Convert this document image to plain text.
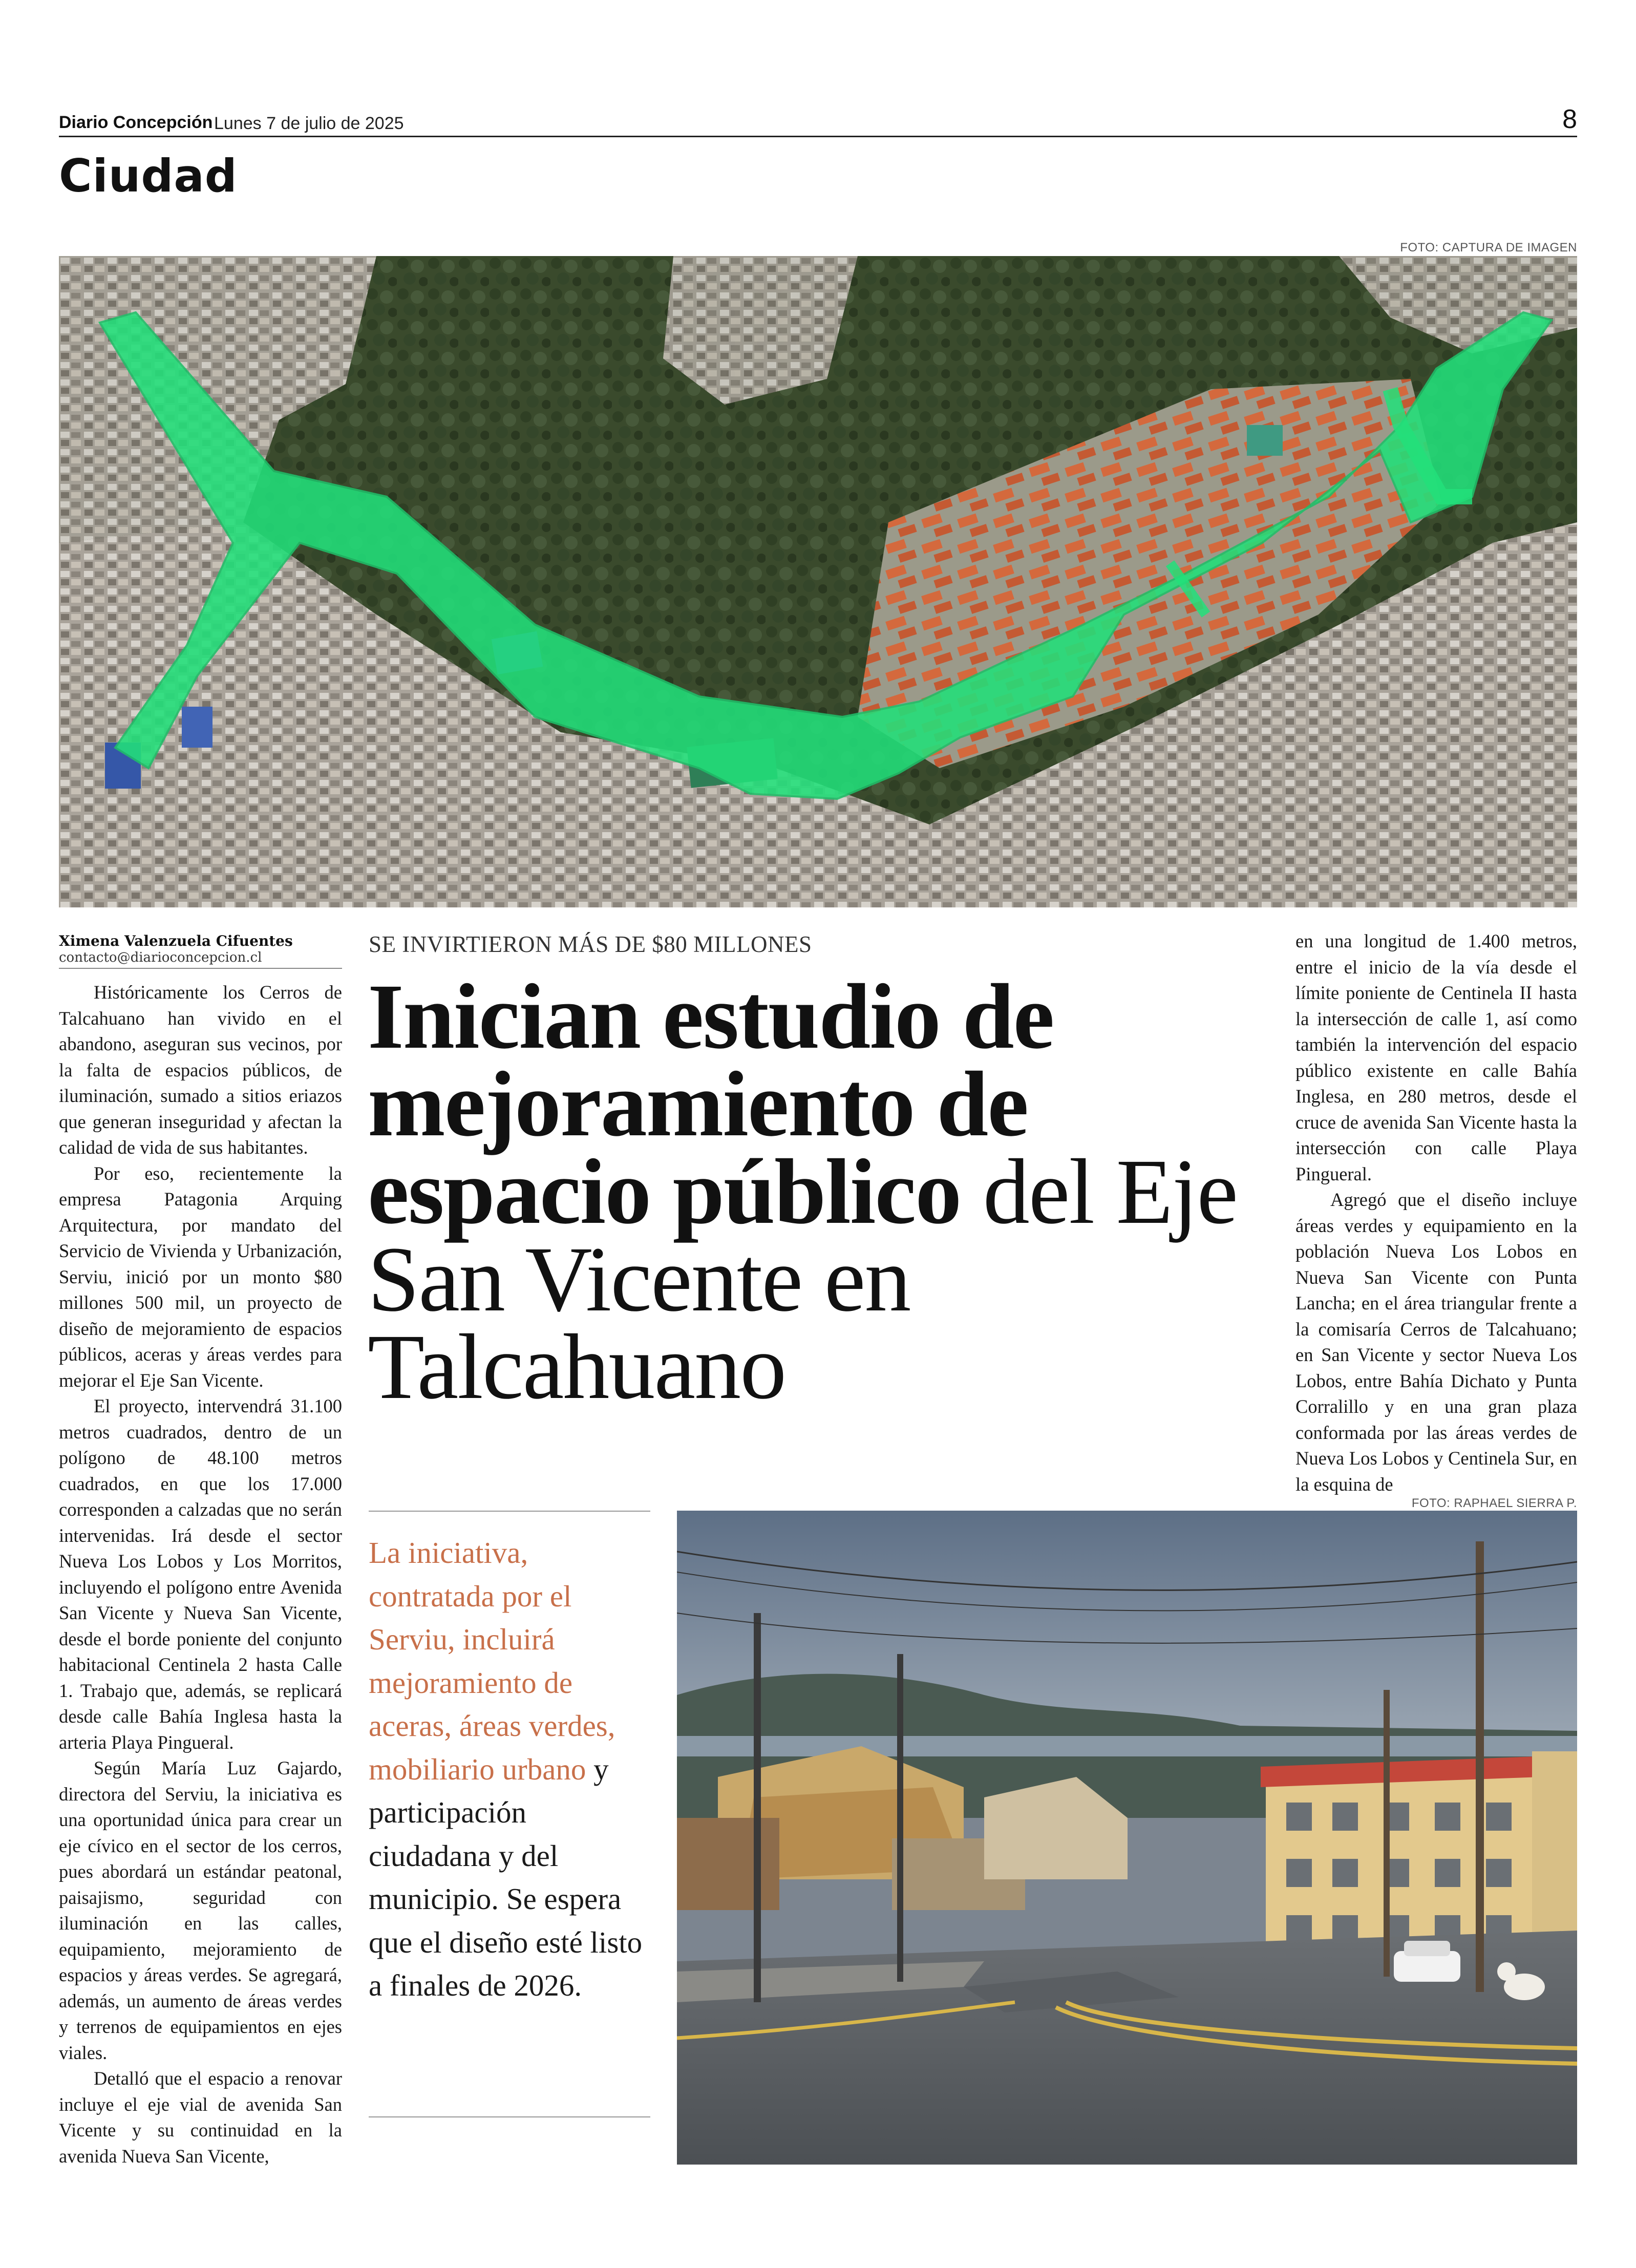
Diario Concepción Lunes 7 de julio de 2025	8
Ciudad
FOTO: CAPTURA DE IMAGEN
Ximena Valenzuela Cifuentes
contacto@diarioconcepcion.cl

Históricamente los Cerros de Talcahuano han vivido en el abandono, aseguran sus vecinos, por la falta de espacios públicos, de iluminación, sumado a sitios eriazos que generan inseguridad y afectan la calidad de vida de sus habitantes.

Por eso, recientemente la empresa Patagonia Arquing Arquitectura, por mandato del Servicio de Vivienda y Urbanización, Serviu, inició por un monto $80 millones 500 mil, un proyecto de diseño de mejoramiento de espacios públicos, aceras y áreas verdes para mejorar el Eje San Vicente.

El proyecto, intervendrá 31.100 metros cuadrados, dentro de un polígono de 48.100 metros cuadrados, en que los 17.000 corresponden a calzadas que no serán intervenidas. Irá desde el sector Nueva Los Lobos y Los Morritos, incluyendo el polígono entre Avenida San Vicente y Nueva San Vicente, desde el borde poniente del conjunto habitacional Centinela 2 hasta Calle 1. Trabajo que, además, se replicará desde calle Bahía Inglesa hasta la arteria Playa Pingueral.

Según María Luz Gajardo, directora del Serviu, la iniciativa es una oportunidad única para crear un eje cívico en el sector de los cerros, pues abordará un estándar peatonal, paisajismo, seguridad con iluminación en las calles, equipamiento, mejoramiento de espacios y áreas verdes. Se agregará, además, un aumento de áreas verdes y terrenos de equipamientos en ejes viales.

Detalló que el espacio a renovar incluye el eje vial de avenida San Vicente y su continuidad en la avenida Nueva San Vicente,

SE INVIRTIERON MÁS DE $80 MILLONES
Inician estudio de mejoramiento de espacio público del Eje San Vicente en Talcahuano

en una longitud de 1.400 metros, entre el inicio de la vía desde el límite poniente de Centinela II hasta la intersección de calle 1, así como también la intervención del espacio público existente en calle Bahía Inglesa, en 280 metros, desde el cruce de avenida San Vicente hasta la intersección con calle Playa Pingueral.

Agregó que el diseño incluye áreas verdes y equipamiento en la población Nueva Los Lobos en Nueva San Vicente con Punta Lancha; en el área triangular frente a la comisaría Cerros de Talcahuano; en San Vicente y sector Nueva Los Lobos, entre Bahía Dichato y Punta Corralillo y en una gran plaza conformada por las áreas verdes de Nueva Los Lobos y Centinela Sur, en la esquina de

La iniciativa, contratada por el Serviu, incluirá mejoramiento de aceras, áreas verdes, mobiliario urbano y participación ciudadana y del municipio. Se espera que el diseño esté listo a finales de 2026.
FOTO: RAPHAEL SIERRA P.
